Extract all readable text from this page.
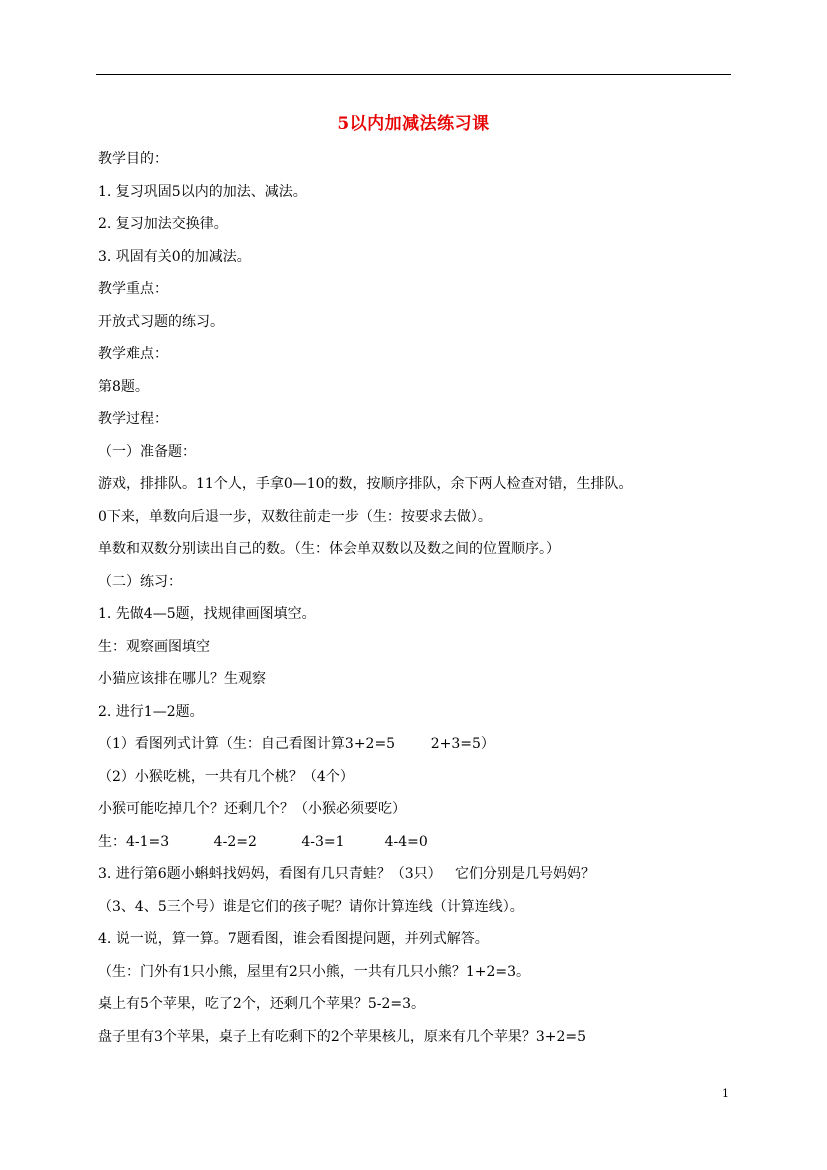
5以内加减法练习课
教学目的：
1. 复习巩固5以内的加法、减法。
2. 复习加法交换律。
3. 巩固有关0的加减法。
教学重点：
开放式习题的练习。
教学难点：
第8题。
教学过程：
（一）准备题：
游戏，排排队。11个人，手拿0—10的数，按顺序排队，余下两人检查对错，生排队。
0下来，单数向后退一步，双数往前走一步（生：按要求去做）。
单数和双数分别读出自己的数。（生：体会单双数以及数之间的位置顺序。）
（二）练习：
1. 先做4—5题，找规律画图填空。
生：观察画图填空
小猫应该排在哪儿？生观察
2. 进行1—2题。
（1）看图列式计算（生：自己看图计算3+2=5        2+3=5）
（2）小猴吃桃，一共有几个桃？（4个）
小猴可能吃掉几个？还剩几个？（小猴必须要吃）
生：4-1=3          4-2=2          4-3=1         4-4=0
3. 进行第6题小蝌蚪找妈妈，看图有几只青蛙？（3只）   它们分别是几号妈妈？
（3、4、5三个号）谁是它们的孩子呢？请你计算连线（计算连线）。
4. 说一说，算一算。7题看图，谁会看图提问题，并列式解答。
（生：门外有1只小熊，屋里有2只小熊，一共有几只小熊？1+2=3。
桌上有5个苹果，吃了2个，还剩几个苹果？5-2=3。
盘子里有3个苹果，桌子上有吃剩下的2个苹果核儿，原来有几个苹果？3+2=5
1
